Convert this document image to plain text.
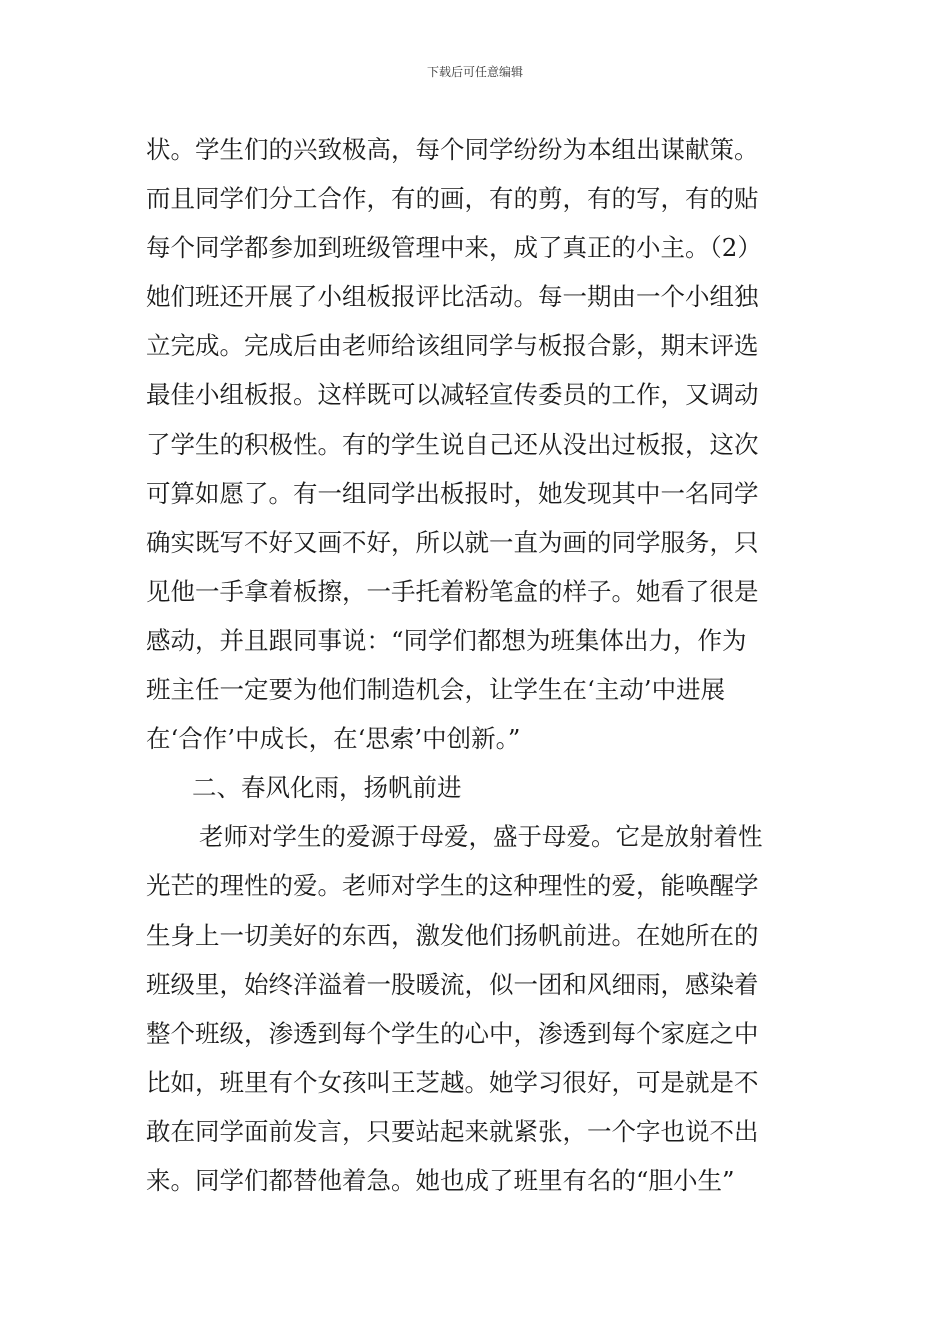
下载后可任意编辑
状。学生们的兴致极高，每个同学纷纷为本组出谋献策。
而且同学们分工合作，有的画，有的剪，有的写，有的贴
每个同学都参加到班级管理中来，成了真正的小主。（2）
她们班还开展了小组板报评比活动。每一期由一个小组独
立完成。完成后由老师给该组同学与板报合影，期末评选
最佳小组板报。这样既可以减轻宣传委员的工作，又调动
了学生的积极性。有的学生说自己还从没出过板报，这次
可算如愿了。有一组同学出板报时，她发现其中一名同学
确实既写不好又画不好，所以就一直为画的同学服务，只
见他一手拿着板擦，一手托着粉笔盒的样子。她看了很是
感动，并且跟同事说：“同学们都想为班集体出力，作为
班主任一定要为他们制造机会，让学生在‘主动’中进展
在‘合作’中成长，在‘思索’中创新。”
二、春风化雨，扬帆前进
老师对学生的爱源于母爱，盛于母爱。它是放射着性
光芒的理性的爱。老师对学生的这种理性的爱，能唤醒学
生身上一切美好的东西，激发他们扬帆前进。在她所在的
班级里，始终洋溢着一股暖流，似一团和风细雨，感染着
整个班级，渗透到每个学生的心中，渗透到每个家庭之中
比如，班里有个女孩叫王芝越。她学习很好，可是就是不
敢在同学面前发言，只要站起来就紧张，一个字也说不出
来。同学们都替他着急。她也成了班里有名的“胆小生”
